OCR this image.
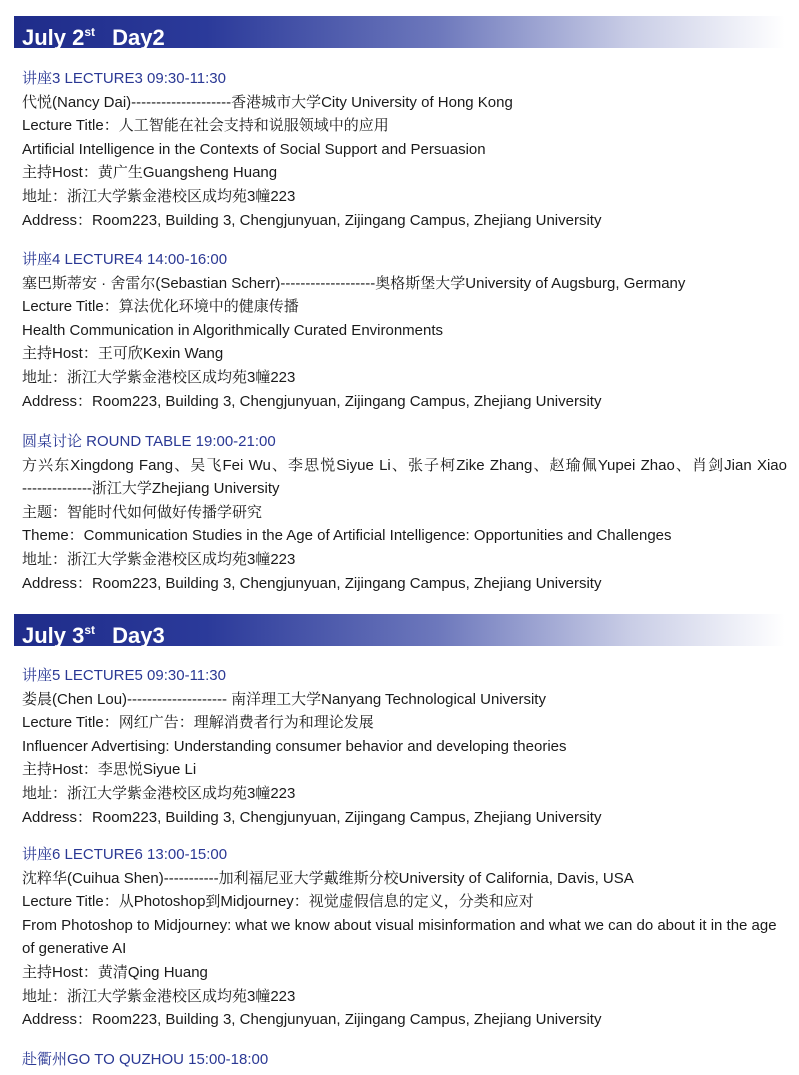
July 2st Day2
讲座3 LECTURE3 09:30-11:30
代悦(Nancy Dai)--------------------香港城市大学City University of Hong Kong
Lecture Title：人工智能在社会支持和说服领域中的应用
Artificial Intelligence in the Contexts of Social Support and Persuasion
主持Host：黄广生Guangsheng Huang
地址：浙江大学紫金港校区成均苑3幢223
Address：Room223, Building 3, Chengjunyuan, Zijingang Campus, Zhejiang University
讲座4 LECTURE4 14:00-16:00
塞巴斯蒂安 · 舍雷尔(Sebastian Scherr)-------------------奥格斯堡大学University of Augsburg, Germany
Lecture Title：算法优化环境中的健康传播
Health Communication in Algorithmically Curated Environments
主持Host：王可欣Kexin Wang
地址：浙江大学紫金港校区成均苑3幢223
Address：Room223, Building 3, Chengjunyuan, Zijingang Campus, Zhejiang University
圆桌讨论 ROUND TABLE 19:00-21:00
方兴东Xingdong Fang、吴飞Fei Wu、李思悦Siyue Li、张子柯Zike Zhang、赵瑜佩Yupei Zhao、肖剑Jian Xiao
--------------浙江大学Zhejiang University
主题：智能时代如何做好传播学研究
Theme：Communication Studies in the Age of Artificial Intelligence: Opportunities and Challenges
地址：浙江大学紫金港校区成均苑3幢223
Address：Room223, Building 3, Chengjunyuan, Zijingang Campus, Zhejiang University
July 3st Day3
讲座5 LECTURE5 09:30-11:30
娄晨(Chen Lou)-------------------- 南洋理工大学Nanyang Technological University
Lecture Title：网红广告：理解消费者行为和理论发展
Influencer Advertising: Understanding consumer behavior and developing theories
主持Host：李思悦Siyue Li
地址：浙江大学紫金港校区成均苑3幢223
Address：Room223, Building 3, Chengjunyuan, Zijingang Campus, Zhejiang University
讲座6 LECTURE6 13:00-15:00
沈粹华(Cuihua Shen)-----------加利福尼亚大学戴维斯分校University of California, Davis, USA
Lecture Title：从Photoshop到Midjourney：视觉虚假信息的定义，分类和应对
From Photoshop to Midjourney: what we know about visual misinformation and what we can do about it in the age of generative AI
主持Host：黄清Qing Huang
地址：浙江大学紫金港校区成均苑3幢223
Address：Room223, Building 3, Chengjunyuan, Zijingang Campus, Zhejiang University
赴衢州GO TO QUZHOU 15:00-18:00
